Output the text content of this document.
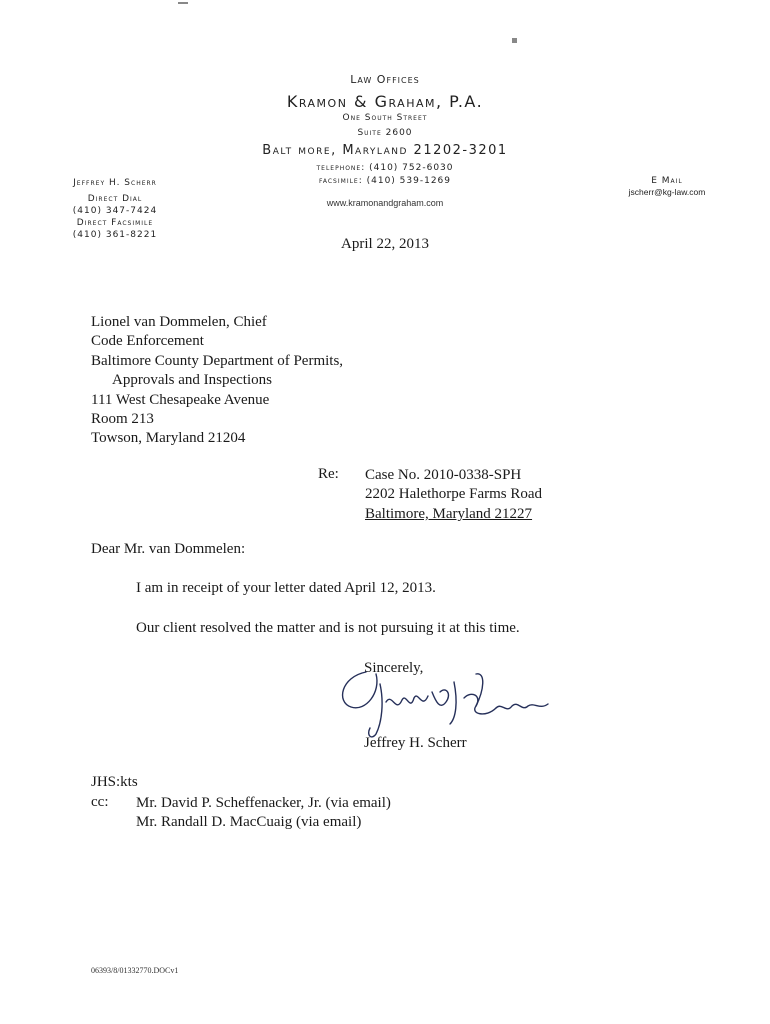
Law Offices
Kramon & Graham, P.A.
One South Street
Suite 2600
Balt more, Maryland 21202-3201
telephone: (410) 752-6030
facsimile: (410) 539-1269
www.kramonandgraham.com
Jeffrey H. Scherr
Direct Dial
(410) 347-7424
Direct Facsimile
(410) 361-8221
E Mail
jscherr@kg-law.com
April 22, 2013
Lionel van Dommelen, Chief
Code Enforcement
Baltimore County Department of Permits,
Approvals and Inspections
111 West Chesapeake Avenue
Room 213
Towson, Maryland 21204
Re: Case No. 2010-0338-SPH
2202 Halethorpe Farms Road
Baltimore, Maryland 21227
Dear Mr. van Dommelen:
I am in receipt of your letter dated April 12, 2013.
Our client resolved the matter and is not pursuing it at this time.
Sincerely,
Jeffrey H. Scherr
JHS:kts
cc: Mr. David P. Scheffenacker, Jr. (via email)
Mr. Randall D. MacCuaig (via email)
06393/8/01332770.DOCv1
